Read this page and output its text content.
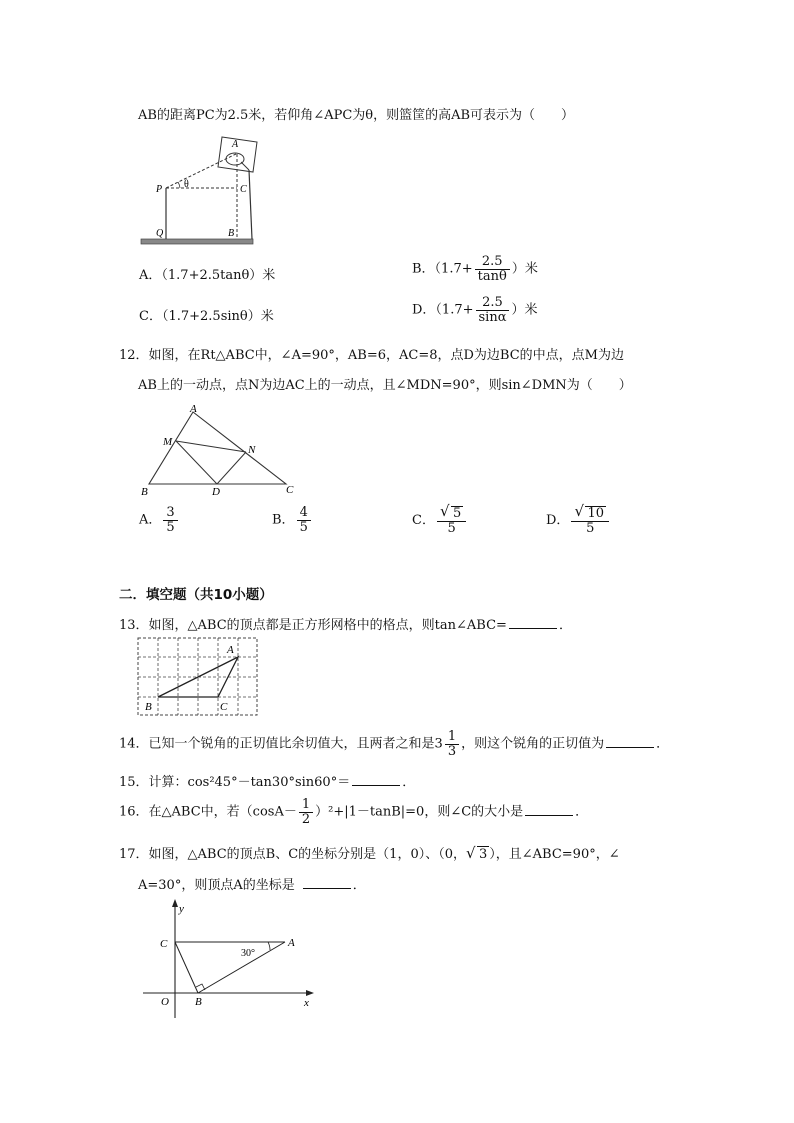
AB的距离PC为2.5米，若仰角∠APC为θ，则篮筐的高AB可表示为（　　）
A
P	C
θ
Q	B
A．（1.7+2.5tanθ）米	B．（$1.7+ \frac{2.5}{\tan\theta}$ ）米
C．（1.7+2.5sinθ）米	D．（$1.7+ \frac{2.5}{\sin\alpha}$ ）米
12．如图，在Rt△ABC中，∠A=90°，AB=6，AC=8，点D为边BC的中点，点M为边
AB上的一动点，点N为边AC上的一动点，且∠MDN=90°，则sin∠DMN为（　　）
A
M
N
B	D	C
A． $\frac{3}{5}$	B． $\frac{4}{5}$	C． $\frac{√ 5}{5}$	D． $\frac{√ 10}{5}$
二．填空题（共10小题）
13．如图，△ABC的顶点都是正方形网格中的格点，则tan∠ABC=	．
A
B	C
14．已知一个锐角的正切值比余切值大，且两者之和是$3 \frac{1}{3}$ ，则这个锐角的正切值为	．
15．计算：cos²45°－tan30°sin60°＝	．
16．在△ABC中，若$(\cos A- \frac{1}{2} )^2+|1-\tan B|=0$，则∠C的大小是	．
17．如图，△ABC的顶点B、C的坐标分别是（1，0）、（0， √ 3 ），且∠ABC=90°，∠
A=30°，则顶点A的坐标是	．
y
x
C
O B
A
30°
